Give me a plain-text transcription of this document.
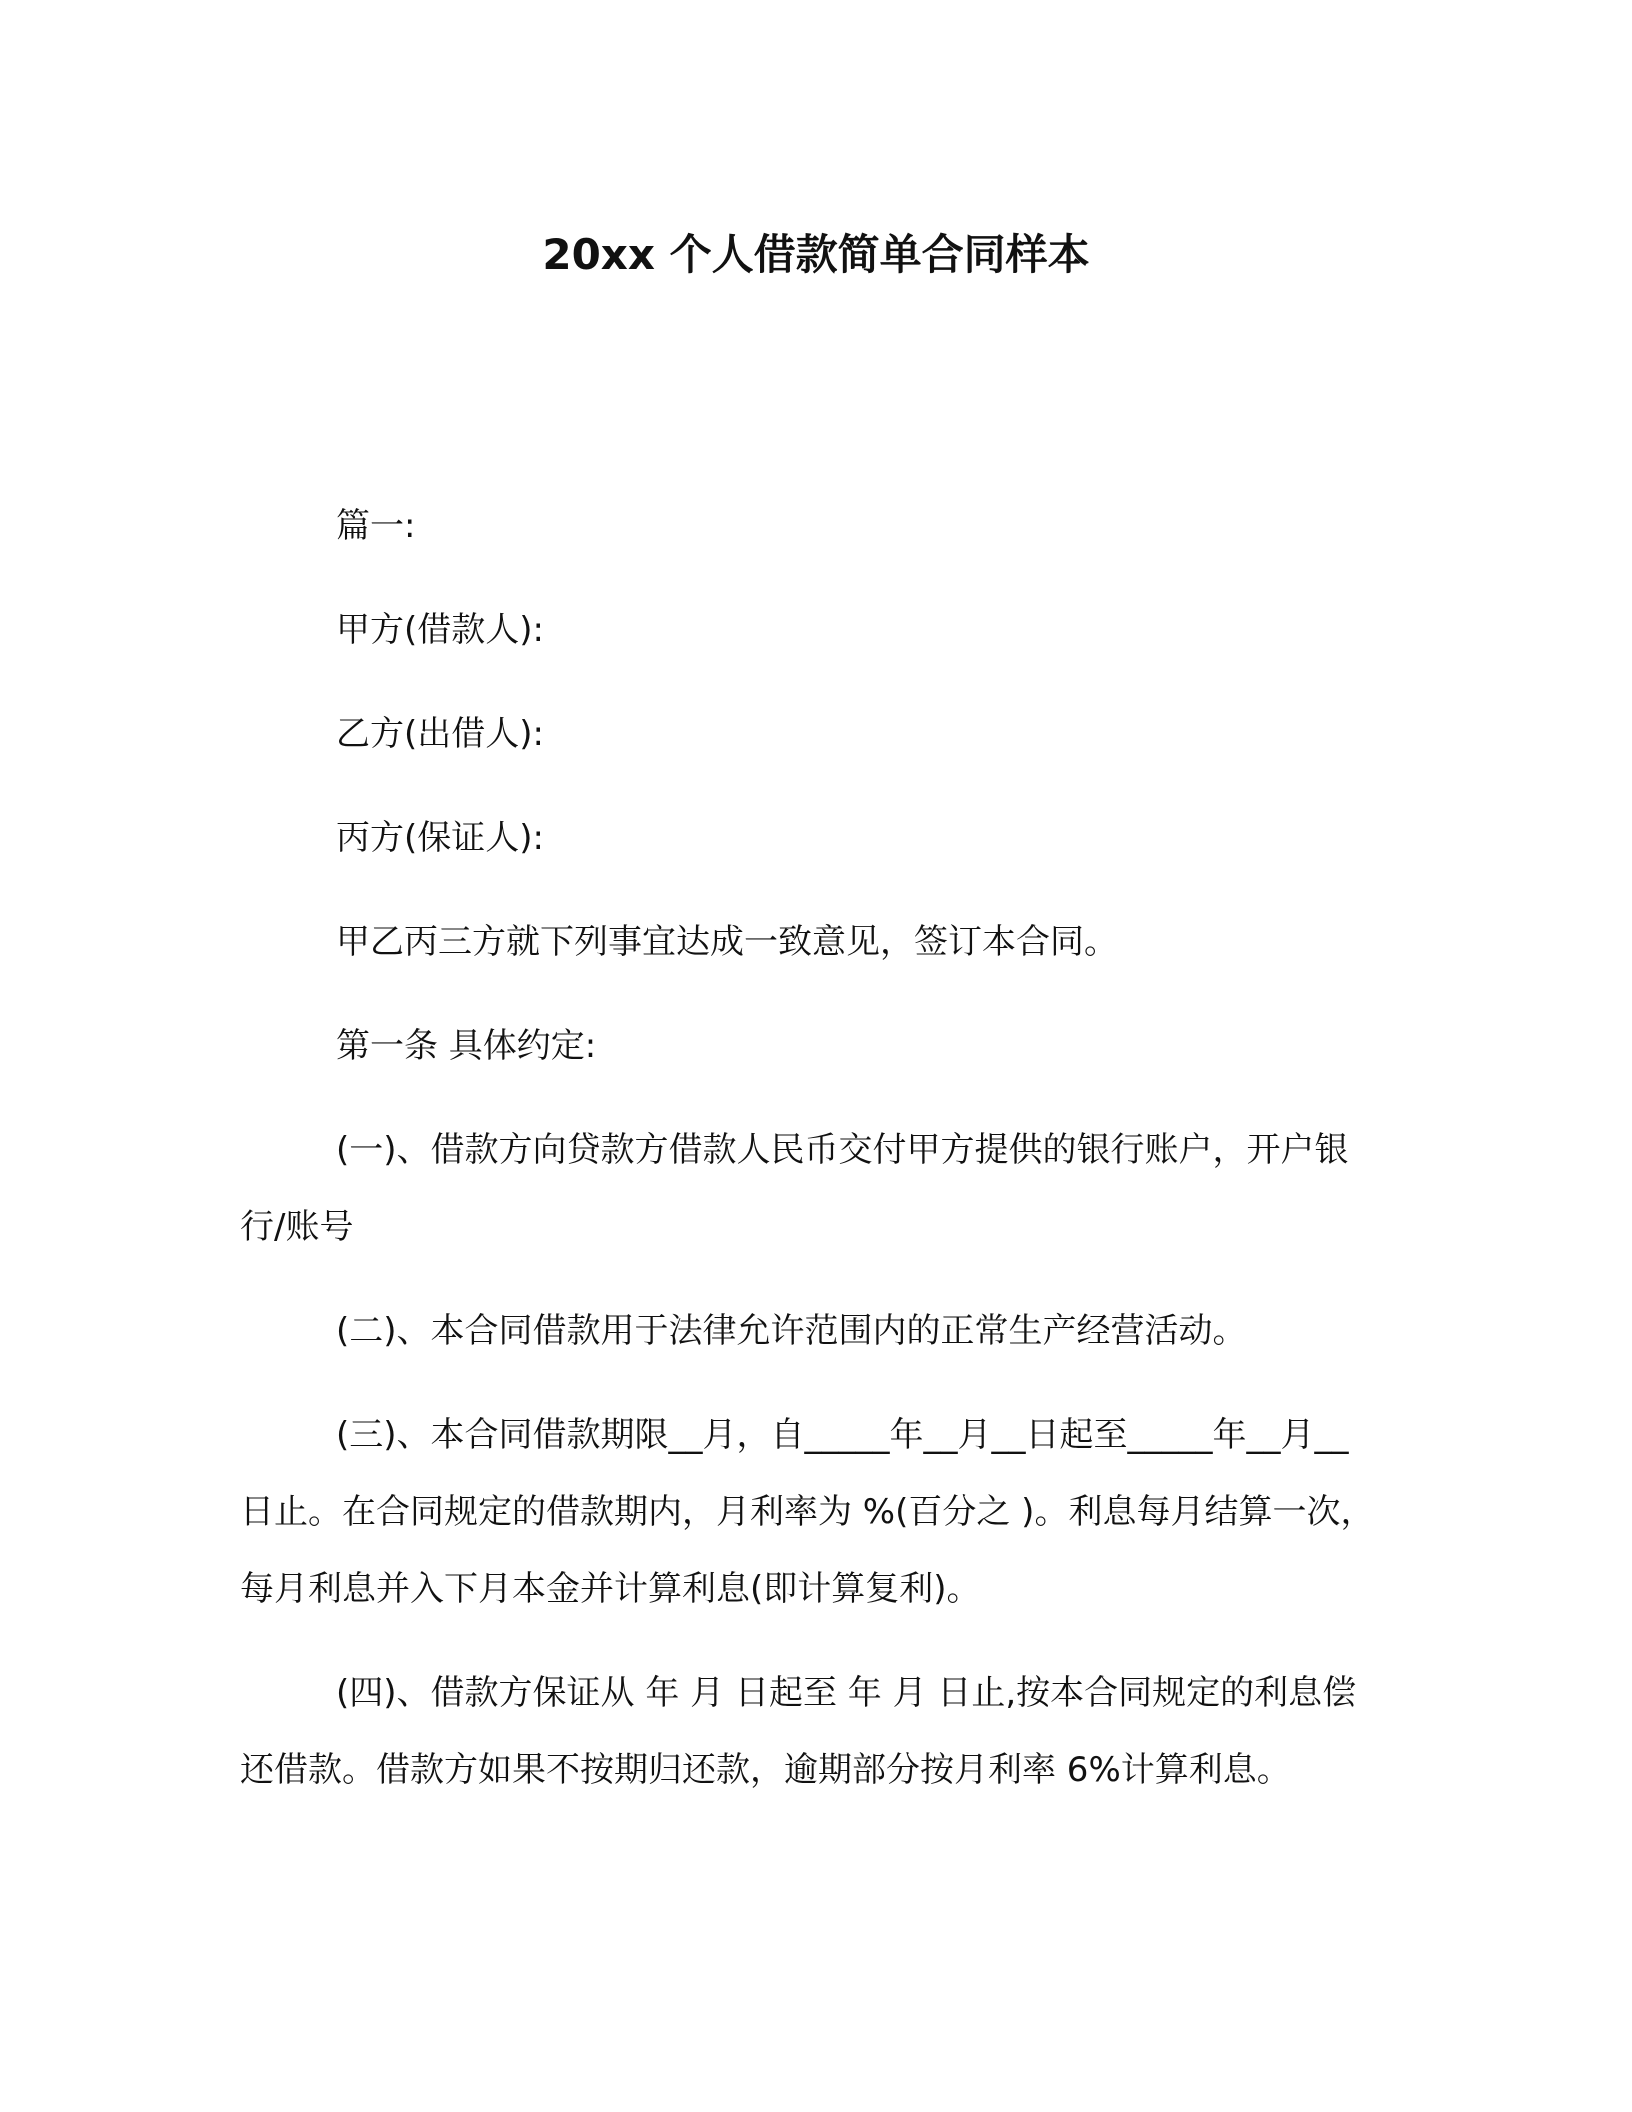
20xx 个人借款简单合同样本

篇一:

甲方(借款人):

乙方(出借人):

丙方(保证人):

甲乙丙三方就下列事宜达成一致意见，签订本合同。

第一条 具体约定:

(一)、借款方向贷款方借款人民币交付甲方提供的银行账户，开户银行/账号

(二)、本合同借款用于法律允许范围内的正常生产经营活动。

(三)、本合同借款期限__月，自_____年__月__日起至_____年__月__日止。在合同规定的借款期内，月利率为 %(百分之 )。利息每月结算一次，每月利息并入下月本金并计算利息(即计算复利)。

(四)、借款方保证从 年 月 日起至 年 月 日止,按本合同规定的利息偿还借款。借款方如果不按期归还款，逾期部分按月利率 6%计算利息。
